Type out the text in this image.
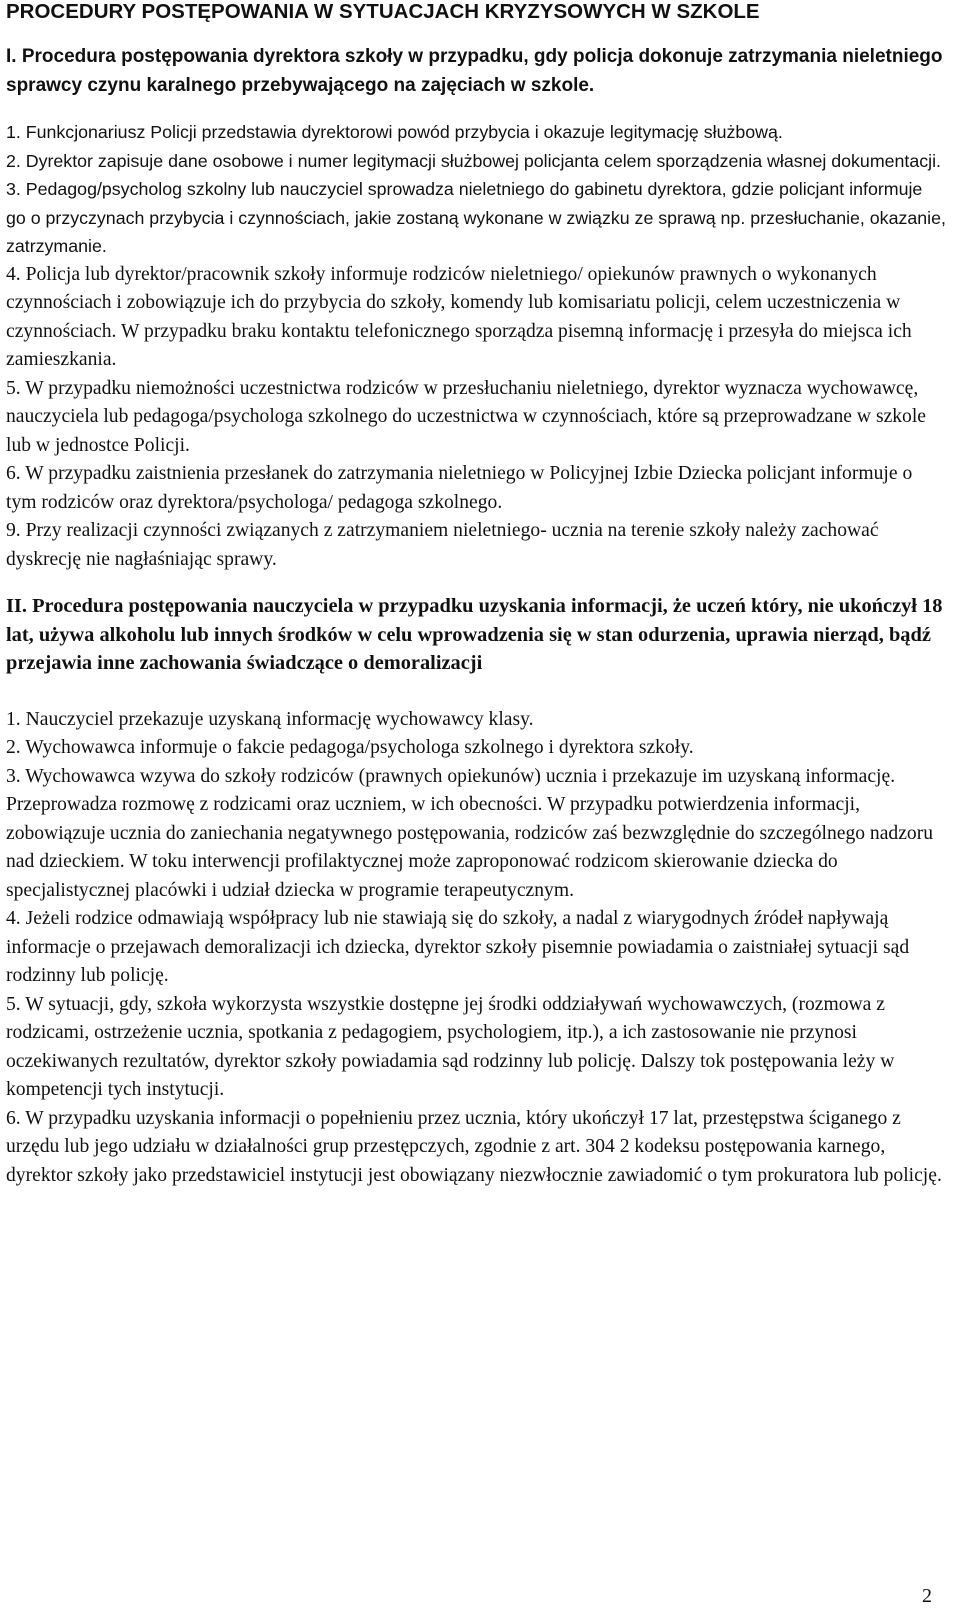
PROCEDURY POSTĘPOWANIA W SYTUACJACH KRYZYSOWYCH W SZKOLE

I. Procedura postępowania dyrektora szkoły w przypadku, gdy policja dokonuje zatrzymania nieletniego sprawcy czynu karalnego przebywającego na zajęciach w szkole.

1. Funkcjonariusz Policji przedstawia dyrektorowi powód przybycia i okazuje legitymację służbową.

2. Dyrektor zapisuje dane osobowe i numer legitymacji służbowej policjanta celem sporządzenia własnej dokumentacji.

3. Pedagog/psycholog szkolny lub nauczyciel sprowadza nieletniego do gabinetu dyrektora, gdzie policjant informuje go o przyczynach przybycia i czynnościach, jakie zostaną wykonane w związku ze sprawą np. przesłuchanie, okazanie, zatrzymanie.

4. Policja lub dyrektor/pracownik szkoły informuje rodziców nieletniego/ opiekunów prawnych o wykonanych czynnościach i zobowiązuje ich do przybycia do szkoły, komendy lub komisariatu policji, celem uczestniczenia w czynnościach. W przypadku braku kontaktu telefonicznego sporządza pisemną informację i przesyła do miejsca ich zamieszkania.

5. W przypadku niemożności uczestnictwa rodziców w przesłuchaniu nieletniego, dyrektor wyznacza wychowawcę, nauczyciela lub pedagoga/psychologa szkolnego do uczestnictwa w czynnościach, które są przeprowadzane w szkole lub w jednostce Policji.

6. W przypadku zaistnienia przesłanek do zatrzymania nieletniego w Policyjnej Izbie Dziecka policjant informuje o tym rodziców oraz dyrektora/psychologa/ pedagoga szkolnego.

9. Przy realizacji czynności związanych z zatrzymaniem nieletniego- ucznia na terenie szkoły należy zachować dyskrecję nie nagłaśniając sprawy.

II. Procedura postępowania nauczyciela w przypadku uzyskania informacji, że uczeń który, nie ukończył 18 lat, używa alkoholu lub innych środków w celu wprowadzenia się w stan odurzenia, uprawia nierząd, bądź przejawia inne zachowania świadczące o demoralizacji

1. Nauczyciel przekazuje uzyskaną informację wychowawcy klasy.

2. Wychowawca informuje o fakcie pedagoga/psychologa szkolnego i dyrektora szkoły.

3. Wychowawca wzywa do szkoły rodziców (prawnych opiekunów) ucznia i przekazuje im uzyskaną informację. Przeprowadza rozmowę z rodzicami oraz uczniem, w ich obecności. W przypadku potwierdzenia informacji, zobowiązuje ucznia do zaniechania negatywnego postępowania, rodziców zaś bezwzględnie do szczególnego nadzoru nad dzieckiem. W toku interwencji profilaktycznej może zaproponować rodzicom skierowanie dziecka do specjalistycznej placówki i udział dziecka w programie terapeutycznym.

4. Jeżeli rodzice odmawiają współpracy lub nie stawiają się do szkoły, a nadal z wiarygodnych źródeł napływają informacje o przejawach demoralizacji ich dziecka, dyrektor szkoły pisemnie powiadamia o zaistniałej sytuacji sąd rodzinny lub policję.

5. W sytuacji, gdy, szkoła wykorzysta wszystkie dostępne jej środki oddziaływań wychowawczych, (rozmowa z rodzicami, ostrzeżenie ucznia, spotkania z pedagogiem, psychologiem, itp.), a ich zastosowanie nie przynosi oczekiwanych rezultatów, dyrektor szkoły powiadamia sąd rodzinny lub policję. Dalszy tok postępowania leży w kompetencji tych instytucji.

6. W przypadku uzyskania informacji o popełnieniu przez ucznia, który ukończył 17 lat, przestępstwa ściganego z urzędu lub jego udziału w działalności grup przestępczych, zgodnie z art. 304 2 kodeksu postępowania karnego, dyrektor szkoły jako przedstawiciel instytucji jest obowiązany niezwłocznie zawiadomić o tym prokuratora lub policję.

2
